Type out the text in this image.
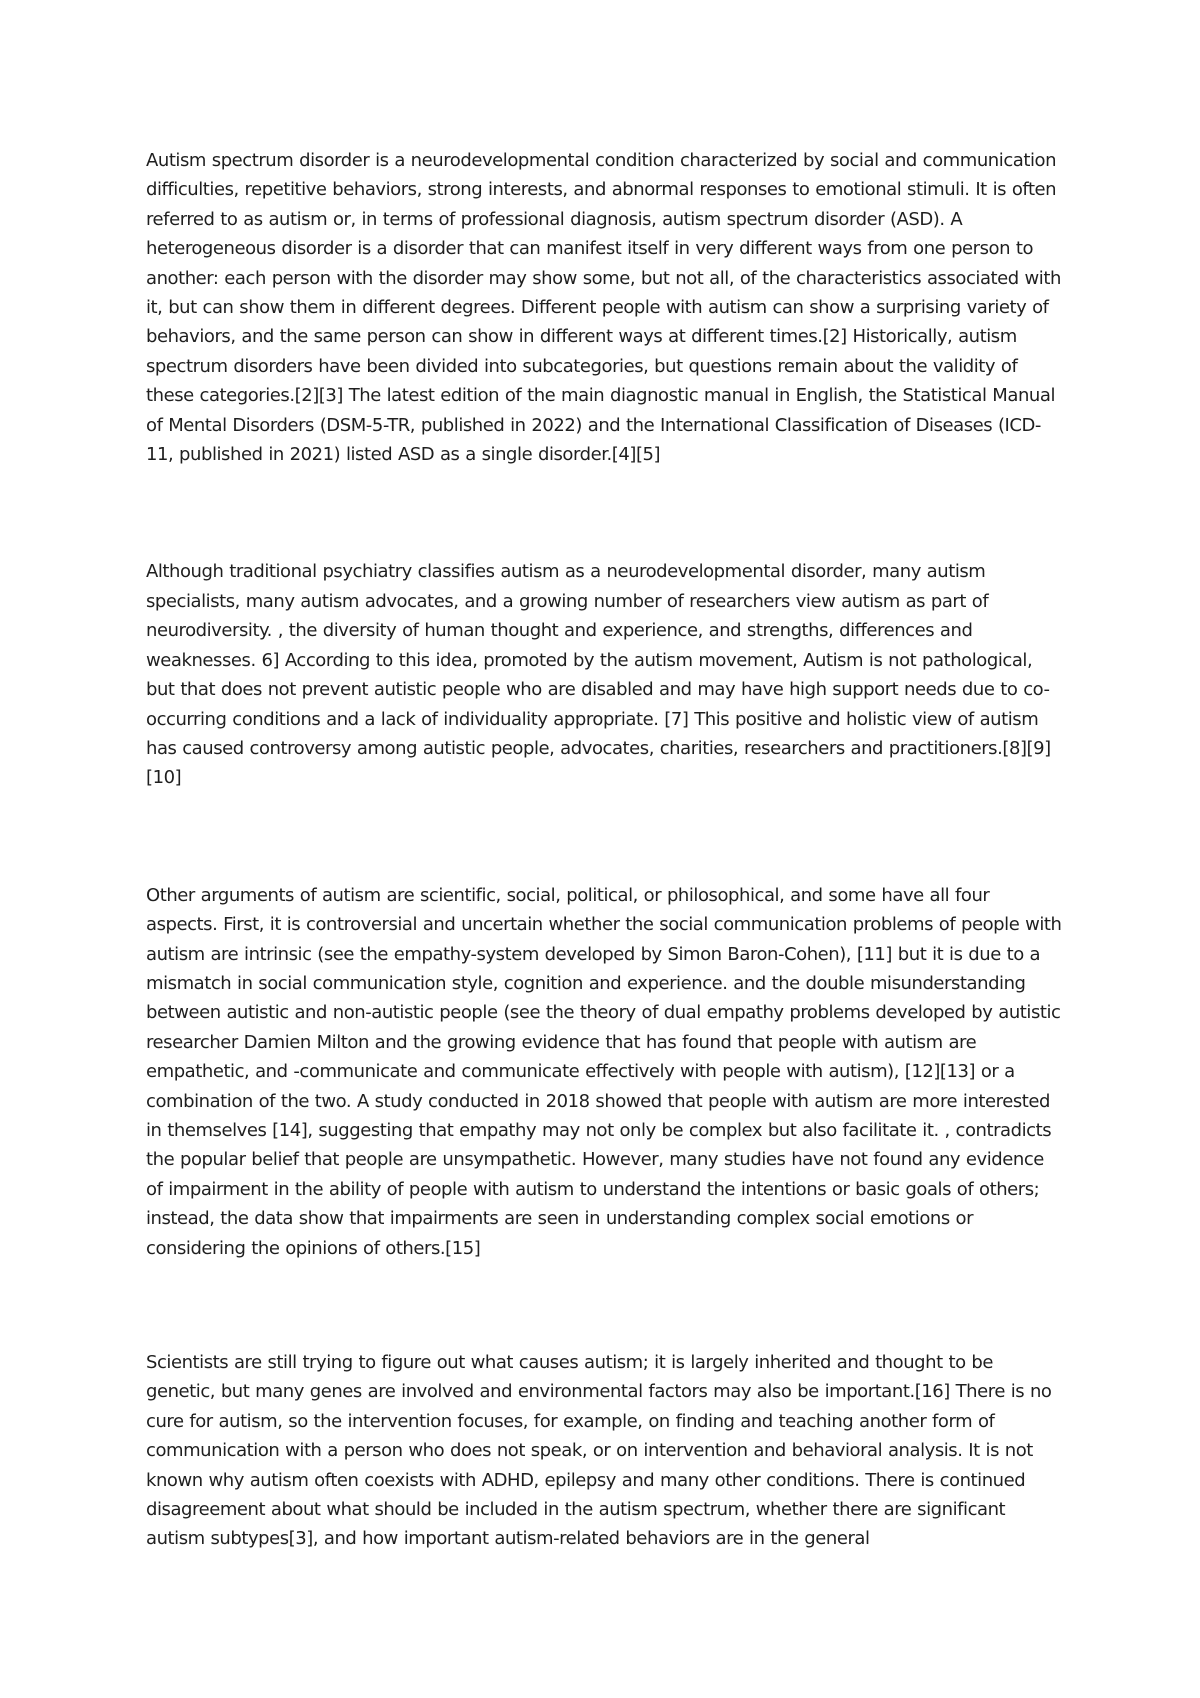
Autism spectrum disorder is a neurodevelopmental condition characterized by social and communication difficulties, repetitive behaviors, strong interests, and abnormal responses to emotional stimuli. It is often referred to as autism or, in terms of professional diagnosis, autism spectrum disorder (ASD). A heterogeneous disorder is a disorder that can manifest itself in very different ways from one person to another: each person with the disorder may show some, but not all, of the characteristics associated with it, but can show them in different degrees. Different people with autism can show a surprising variety of behaviors, and the same person can show in different ways at different times.[2] Historically, autism spectrum disorders have been divided into subcategories, but questions remain about the validity of these categories.[2][3] The latest edition of the main diagnostic manual in English, the Statistical Manual of Mental Disorders (DSM-5-TR, published in 2022) and the International Classification of Diseases (ICD-11, published in 2021) listed ASD as a single disorder.[4][5]

Although traditional psychiatry classifies autism as a neurodevelopmental disorder, many autism specialists, many autism advocates, and a growing number of researchers view autism as part of neurodiversity. , the diversity of human thought and experience, and strengths, differences and weaknesses. 6] According to this idea, promoted by the autism movement, Autism is not pathological, but that does not prevent autistic people who are disabled and may have high support needs due to co-occurring conditions and a lack of individuality appropriate. [7] This positive and holistic view of autism has caused controversy among autistic people, advocates, charities, researchers and practitioners.[8][9][10]

Other arguments of autism are scientific, social, political, or philosophical, and some have all four aspects. First, it is controversial and uncertain whether the social communication problems of people with autism are intrinsic (see the empathy-system developed by Simon Baron-Cohen), [11] but it is due to a mismatch in social communication style, cognition and experience. and the double misunderstanding between autistic and non-autistic people (see the theory of dual empathy problems developed by autistic researcher Damien Milton and the growing evidence that has found that people with autism are empathetic, and -communicate and communicate effectively with people with autism), [12][13] or a combination of the two. A study conducted in 2018 showed that people with autism are more interested in themselves [14], suggesting that empathy may not only be complex but also facilitate it. , contradicts the popular belief that people are unsympathetic. However, many studies have not found any evidence of impairment in the ability of people with autism to understand the intentions or basic goals of others; instead, the data show that impairments are seen in understanding complex social emotions or considering the opinions of others.[15]

Scientists are still trying to figure out what causes autism; it is largely inherited and thought to be genetic, but many genes are involved and environmental factors may also be important.[16] There is no cure for autism, so the intervention focuses, for example, on finding and teaching another form of communication with a person who does not speak, or on intervention and behavioral analysis. It is not known why autism often coexists with ADHD, epilepsy and many other conditions. There is continued disagreement about what should be included in the autism spectrum, whether there are significant autism subtypes[3], and how important autism-related behaviors are in the general
